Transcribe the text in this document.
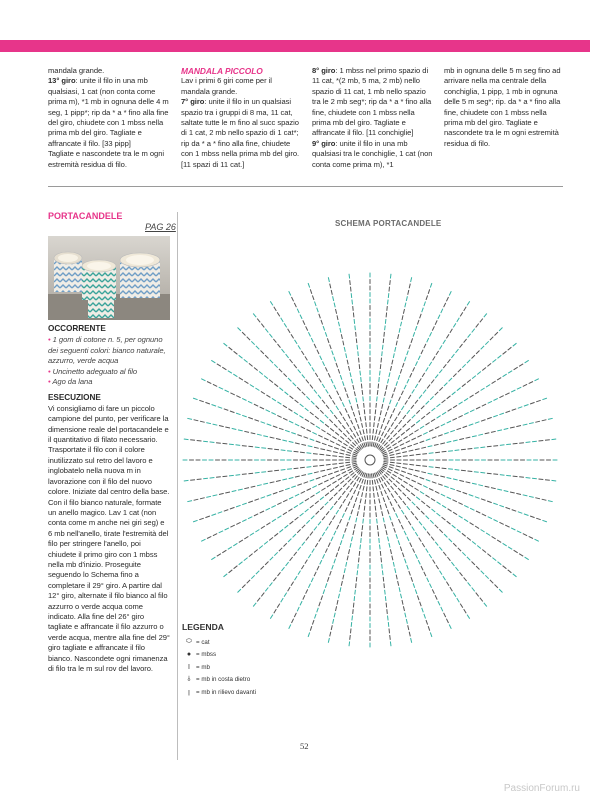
mandala grande.

13° giro: unite il filo in una mb qualsiasi, 1 cat (non conta come prima m), *1 mb in ognuna delle 4 m seg, 1 pipp*; rip da * a * fino alla fine del giro, chiudete con 1 mbss nella prima mb del giro. Tagliate e affrancate il filo. [33 pipp]

Tagliate e nascondete tra le m ogni estremità residua di filo.

MANDALA PICCOLO

Lav i primi 6 giri come per il mandala grande.

7° giro: unite il filo in un qualsiasi spazio tra i gruppi di 8 ma, 11 cat, saltate tutte le m fino al succ spazio di 1 cat, 2 mb nello spazio di 1 cat*; rip da * a * fino alla fine, chiudete con 1 mbss nella prima mb del giro. [11 spazi di 11 cat.]

8° giro: 1 mbss nel primo spazio di 11 cat, *(2 mb, 5 ma, 2 mb) nello spazio di 11 cat, 1 mb nello spazio tra le 2 mb seg*; rip da * a * fino alla fine, chiudete con 1 mbss nella prima mb del giro. Tagliate e affrancate il filo. [11 conchiglie]

9° giro: unite il filo in una mb qualsiasi tra le conchiglie, 1 cat (non conta come prima m), *1

mb in ognuna delle 5 m seg fino ad arrivare nella ma centrale della conchiglia, 1 pipp, 1 mb in ognuna delle 5 m seg*; rip. da * a * fino alla fine, chiudete con 1 mbss nella prima mb del giro. Tagliate e nascondete tra le m ogni estremità residua di filo.

PORTACANDELE
PAG 26

OCCORRENTE

• 1 gom di cotone n. 5, per ognuno dei seguenti colori: bianco naturale, azzurro, verde acqua

• Uncinetto adeguato al filo

• Ago da lana

ESECUZIONE

Vi consigliamo di fare un piccolo campione del punto, per verificare la dimensione reale del portacandele e il quantitativo di filato necessario. Trasportate il filo con il colore inutilizzato sul retro del lavoro e inglobatelo nella nuova m in lavorazione con il filo del nuovo colore. Iniziate dal centro della base. Con il filo bianco naturale, formate un anello magico. Lav 1 cat (non conta come m anche nei giri seg) e 6 mb nell'anello, tirate l'estremità del filo per stringere l'anello, poi chiudete il primo giro con 1 mbss nella mb d'inizio. Proseguite seguendo lo Schema fino a completare il 29° giro. A partire dal 12° giro, alternate il filo bianco al filo azzurro o verde acqua come indicato. Alla fine del 26° giro tagliate e affrancate il filo azzurro o verde acqua, mentre alla fine del 29° giro tagliate e affrancate il filo bianco. Nascondete ogni rimanenza di filo tra le m sul rov del lavoro.

SCHEMA PORTACANDELE
LEGENDA
⬭ = cat
● = mbss
I = mb
⫰ = mb in costa dietro
ꞁ = mb in rilievo davanti
52
PassionForum.ru
